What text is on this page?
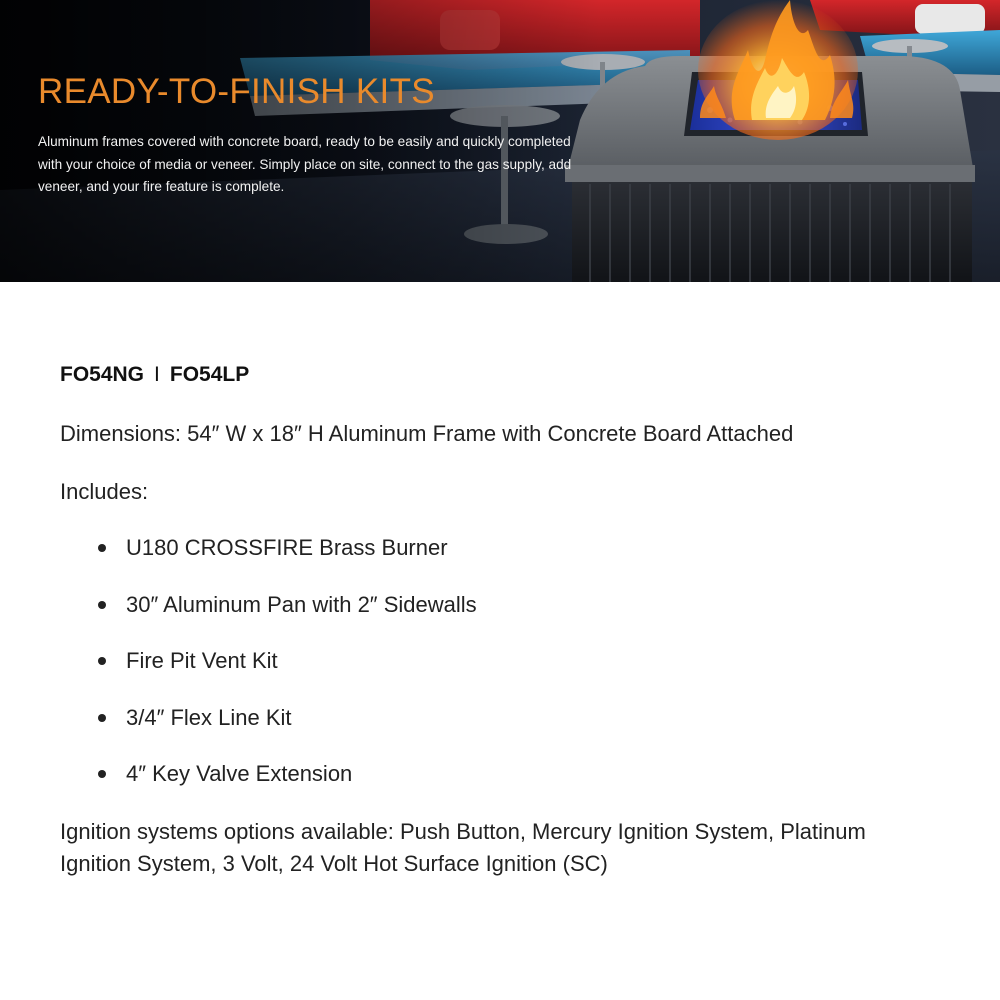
READY-TO-FINISH KITS

Aluminum frames covered with concrete board, ready to be easily and quickly completed with your choice of media or veneer. Simply place on site, connect to the gas supply, add veneer, and your fire feature is complete.

FO54NG I FO54LP

Dimensions: 54″ W x 18″ H Aluminum Frame with Concrete Board Attached

Includes:

U180 CROSSFIRE Brass Burner
30″ Aluminum Pan with 2″ Sidewalls
Fire Pit Vent Kit
3/4″ Flex Line Kit
4″ Key Valve Extension

Ignition systems options available: Push Button, Mercury Ignition System, Platinum Ignition System, 3 Volt, 24 Volt Hot Surface Ignition (SC)
